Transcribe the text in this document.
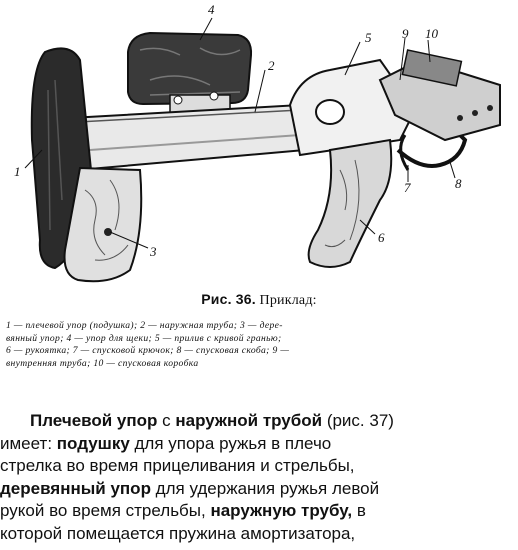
4
2
5 9 10
1
3
6
7	8
Рис. 36. Приклад:
1 — плечевой упор (подушка); 2 — наружная труба; 3 — дере-
вянный упор; 4 — упор для щеки; 5 — прилив с кривой гранью;
6 — рукоятка; 7 — спусковой крючок; 8 — спусковая скоба; 9 —
внутренняя труба; 10 — спусковая коробка
Плечевой упор с наружной трубой (рис. 37)
имеет: подушку для упора ружья в плечо
стрелка во время прицеливания и стрельбы,
деревянный упор для удержания ружья левой
рукой во время стрельбы, наружную трубу, в
которой помещается пружина амортизатора,
